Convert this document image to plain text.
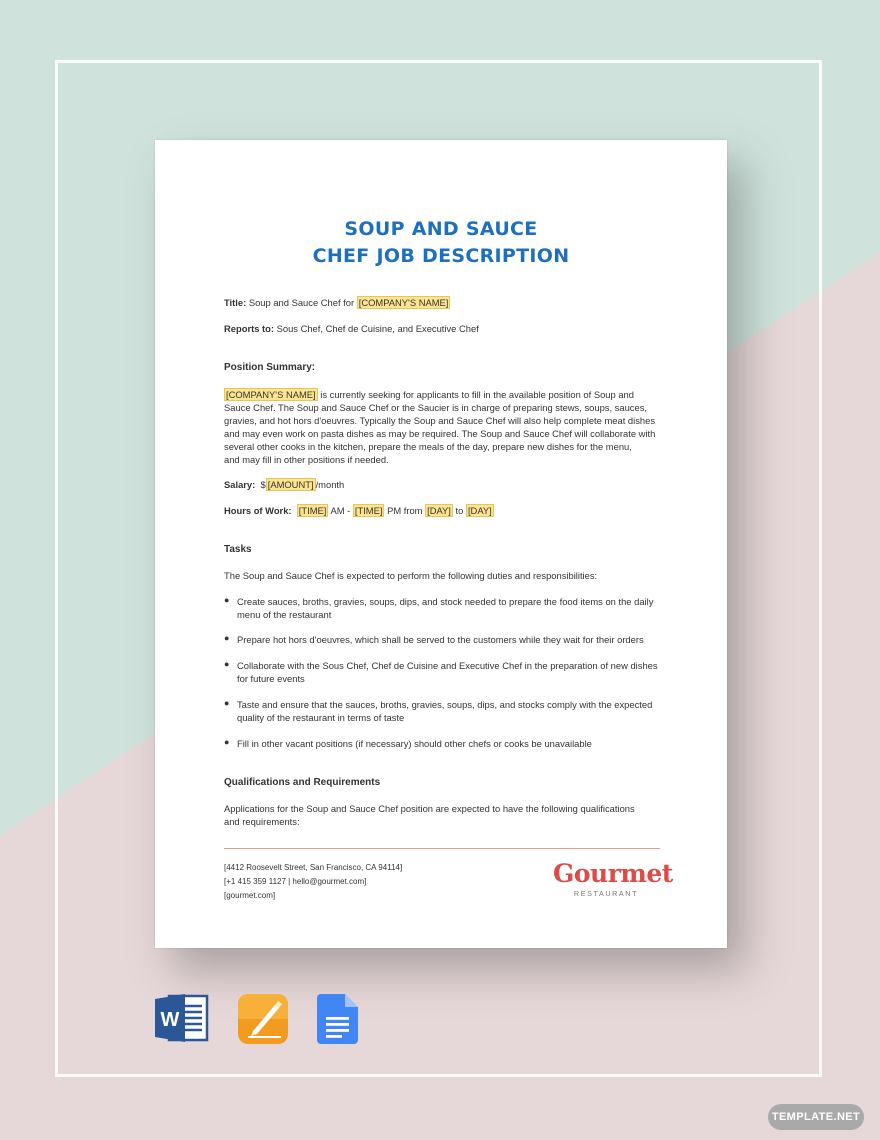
SOUP AND SAUCE
CHEF JOB DESCRIPTION
Title: Soup and Sauce Chef for [COMPANY'S NAME]
Reports to: Sous Chef, Chef de Cuisine, and Executive Chef
Position Summary:
[COMPANY'S NAME] is currently seeking for applicants to fill in the available position of Soup and
Sauce Chef. The Soup and Sauce Chef or the Saucier is in charge of preparing stews, soups, sauces,
gravies, and hot hors d'oeuvres. Typically the Soup and Sauce Chef will also help complete meat dishes
and may even work on pasta dishes as may be required. The Soup and Sauce Chef will collaborate with
several other cooks in the kitchen, prepare the meals of the day, prepare new dishes for the menu,
and may fill in other positions if needed.
Salary: $ [AMOUNT] /month
Hours of Work: [TIME] AM - [TIME] PM from [DAY] to [DAY]
Tasks
The Soup and Sauce Chef is expected to perform the following duties and responsibilities:
● Create sauces, broths, gravies, soups, dips, and stock needed to prepare the food items on the daily
menu of the restaurant
● Prepare hot hors d'oeuvres, which shall be served to the customers while they wait for their orders
● Collaborate with the Sous Chef, Chef de Cuisine and Executive Chef in the preparation of new dishes
for future events
● Taste and ensure that the sauces, broths, gravies, soups, dips, and stocks comply with the expected
quality of the restaurant in terms of taste
● Fill in other vacant positions (if necessary) should other chefs or cooks be unavailable
Qualifications and Requirements
Applications for the Soup and Sauce Chef position are expected to have the following qualifications
and requirements:
[4412 Roosevelt Street, San Francisco, CA 94114]
[+1 415 359 1127 | hello@gourmet.com]
[gourmet.com]
Gourmet
RESTAURANT
W
TEMPLATE.NET
